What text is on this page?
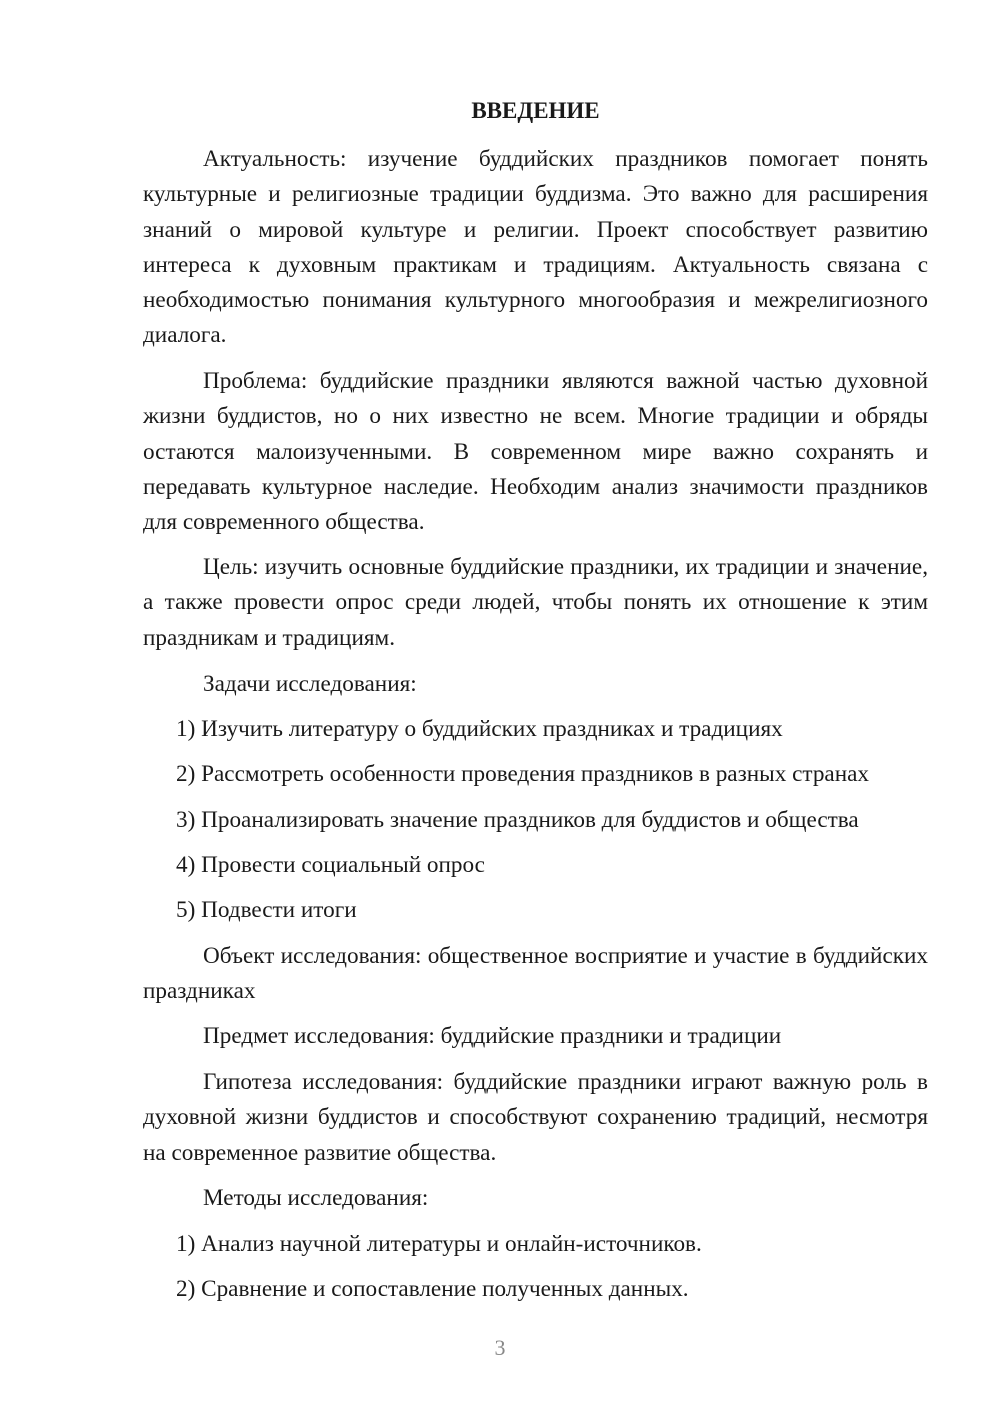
ВВЕДЕНИЕ

Актуальность: изучение буддийских праздников помогает понять культурные и религиозные традиции буддизма. Это важно для расширения знаний о мировой культуре и религии. Проект способствует развитию интереса к духовным практикам и традициям. Актуальность связана с необходимостью понимания культурного многообразия и межрелигиозного диалога.

Проблема: буддийские праздники являются важной частью духовной жизни буддистов, но о них известно не всем. Многие традиции и обряды остаются малоизученными. В современном мире важно сохранять и передавать культурное наследие. Необходим анализ значимости праздников для современного общества.

Цель: изучить основные буддийские праздники, их традиции и значение, а также провести опрос среди людей, чтобы понять их отношение к этим праздникам и традициям.

Задачи исследования:

1) Изучить литературу о буддийских праздниках и традициях

2) Рассмотреть особенности проведения праздников в разных странах

3) Проанализировать значение праздников для буддистов и общества

4) Провести социальный опрос

5) Подвести итоги

Объект исследования: общественное восприятие и участие в буддийских праздниках

Предмет исследования: буддийские праздники и традиции

Гипотеза исследования: буддийские праздники играют важную роль в духовной жизни буддистов и способствуют сохранению традиций, несмотря на современное развитие общества.

Методы исследования:

1) Анализ научной литературы и онлайн-источников.

2) Сравнение и сопоставление полученных данных.

3
